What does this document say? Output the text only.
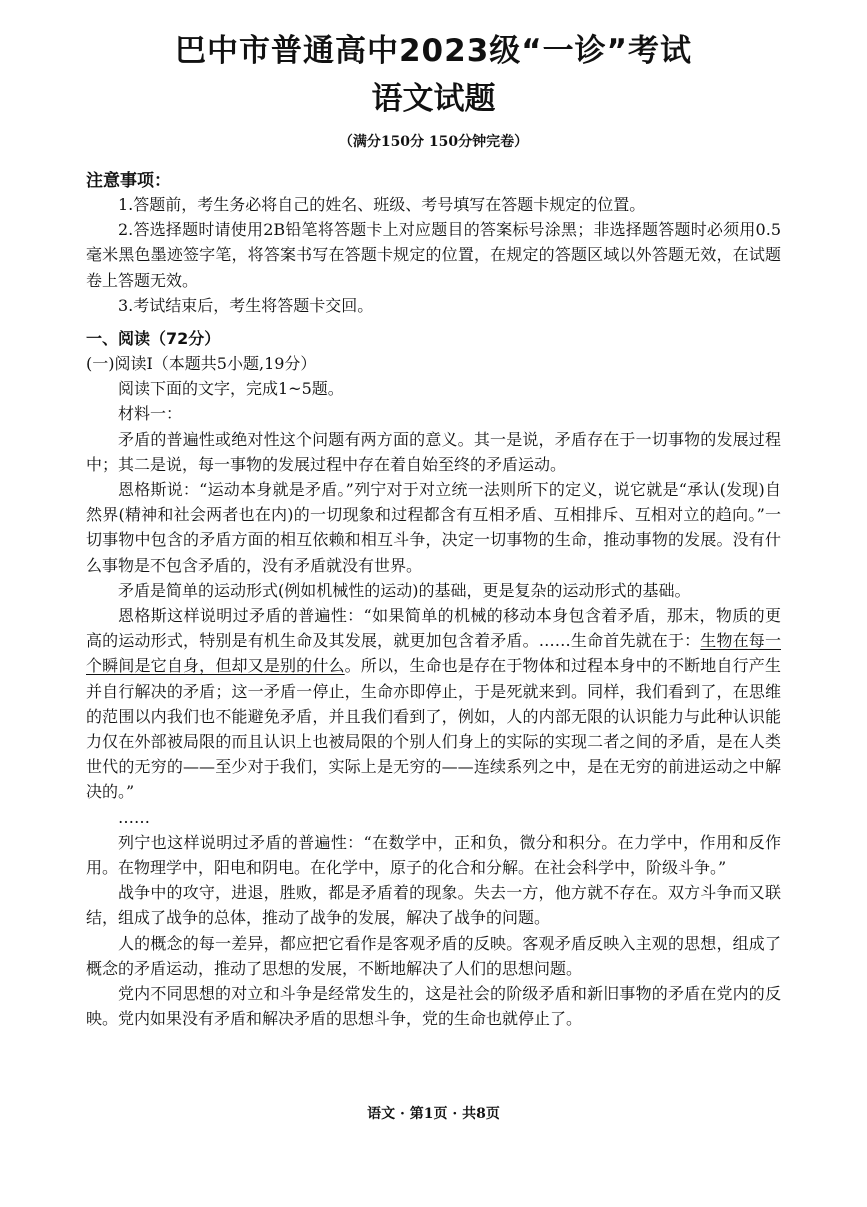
巴中市普通高中2023级“一诊”考试
语文试题
（满分150分 150分钟完卷）
注意事项：

1.答题前，考生务必将自己的姓名、班级、考号填写在答题卡规定的位置。

2.答选择题时请使用2B铅笔将答题卡上对应题目的答案标号涂黑；非选择题答题时必须用0.5毫米黑色墨迹签字笔，将答案书写在答题卡规定的位置，在规定的答题区域以外答题无效，在试题卷上答题无效。

3.考试结束后，考生将答题卡交回。

一、阅读（72分）

(一)阅读Ⅰ（本题共5小题,19分）

阅读下面的文字，完成1~5题。

材料一：

矛盾的普遍性或绝对性这个问题有两方面的意义。其一是说，矛盾存在于一切事物的发展过程中；其二是说，每一事物的发展过程中存在着自始至终的矛盾运动。

恩格斯说：“运动本身就是矛盾。”列宁对于对立统一法则所下的定义，说它就是“承认(发现)自然界(精神和社会两者也在内)的一切现象和过程都含有互相矛盾、互相排斥、互相对立的趋向。”一切事物中包含的矛盾方面的相互依赖和相互斗争，决定一切事物的生命，推动事物的发展。没有什么事物是不包含矛盾的，没有矛盾就没有世界。

矛盾是简单的运动形式(例如机械性的运动)的基础，更是复杂的运动形式的基础。

恩格斯这样说明过矛盾的普遍性：“如果简单的机械的移动本身包含着矛盾，那末，物质的更高的运动形式，特别是有机生命及其发展，就更加包含着矛盾。……生命首先就在于：生物在每一个瞬间是它自身，但却又是别的什么。所以，生命也是存在于物体和过程本身中的不断地自行产生并自行解决的矛盾；这一矛盾一停止，生命亦即停止，于是死就来到。同样，我们看到了，在思维的范围以内我们也不能避免矛盾，并且我们看到了，例如，人的内部无限的认识能力与此种认识能力仅在外部被局限的而且认识上也被局限的个别人们身上的实际的实现二者之间的矛盾，是在人类世代的无穷的——至少对于我们，实际上是无穷的——连续系列之中，是在无穷的前进运动之中解决的。”

……

列宁也这样说明过矛盾的普遍性：“在数学中，正和负，微分和积分。在力学中，作用和反作用。在物理学中，阳电和阴电。在化学中，原子的化合和分解。在社会科学中，阶级斗争。”

战争中的攻守，进退，胜败，都是矛盾着的现象。失去一方，他方就不存在。双方斗争而又联结，组成了战争的总体，推动了战争的发展，解决了战争的问题。

人的概念的每一差异，都应把它看作是客观矛盾的反映。客观矛盾反映入主观的思想，组成了概念的矛盾运动，推动了思想的发展，不断地解决了人们的思想问题。

党内不同思想的对立和斗争是经常发生的，这是社会的阶级矛盾和新旧事物的矛盾在党内的反映。党内如果没有矛盾和解决矛盾的思想斗争，党的生命也就停止了。

语文 · 第1页 · 共8页
